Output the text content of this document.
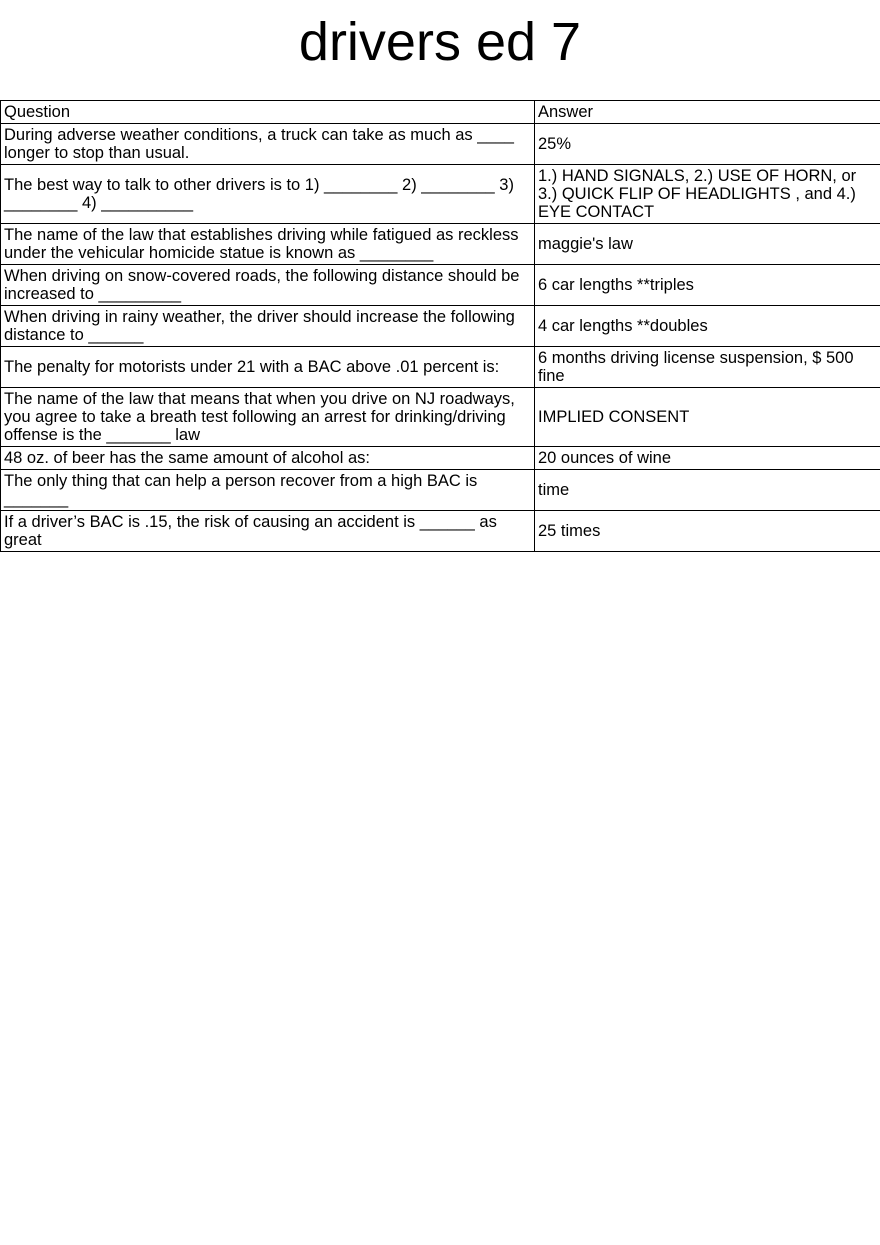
drivers ed 7
Question	Answer
During adverse weather conditions, a truck can take as much as ____ longer to stop than usual.	25%
The best way to talk to other drivers is to 1) ________ 2) ________ 3) ________ 4) __________	1.) HAND SIGNALS, 2.) USE OF HORN, or 3.) QUICK FLIP OF HEADLIGHTS , and 4.) EYE CONTACT
The name of the law that establishes driving while fatigued as reckless under the vehicular homicide statue is known as ________	maggie's law
When driving on snow-covered roads, the following distance should be increased to _________	6 car lengths **triples
When driving in rainy weather, the driver should increase the following distance to ______	4 car lengths **doubles
The penalty for motorists under 21 with a BAC above .01 percent is:	6 months driving license suspension, $ 500 fine
The name of the law that means that when you drive on NJ roadways, you agree to take a breath test following an arrest for drinking/driving offense is the _______ law	IMPLIED CONSENT
48 oz. of beer has the same amount of alcohol as:	20 ounces of wine
The only thing that can help a person recover from a high BAC is _______	time
If a driver’s BAC is .15, the risk of causing an accident is ______ as great	25 times
